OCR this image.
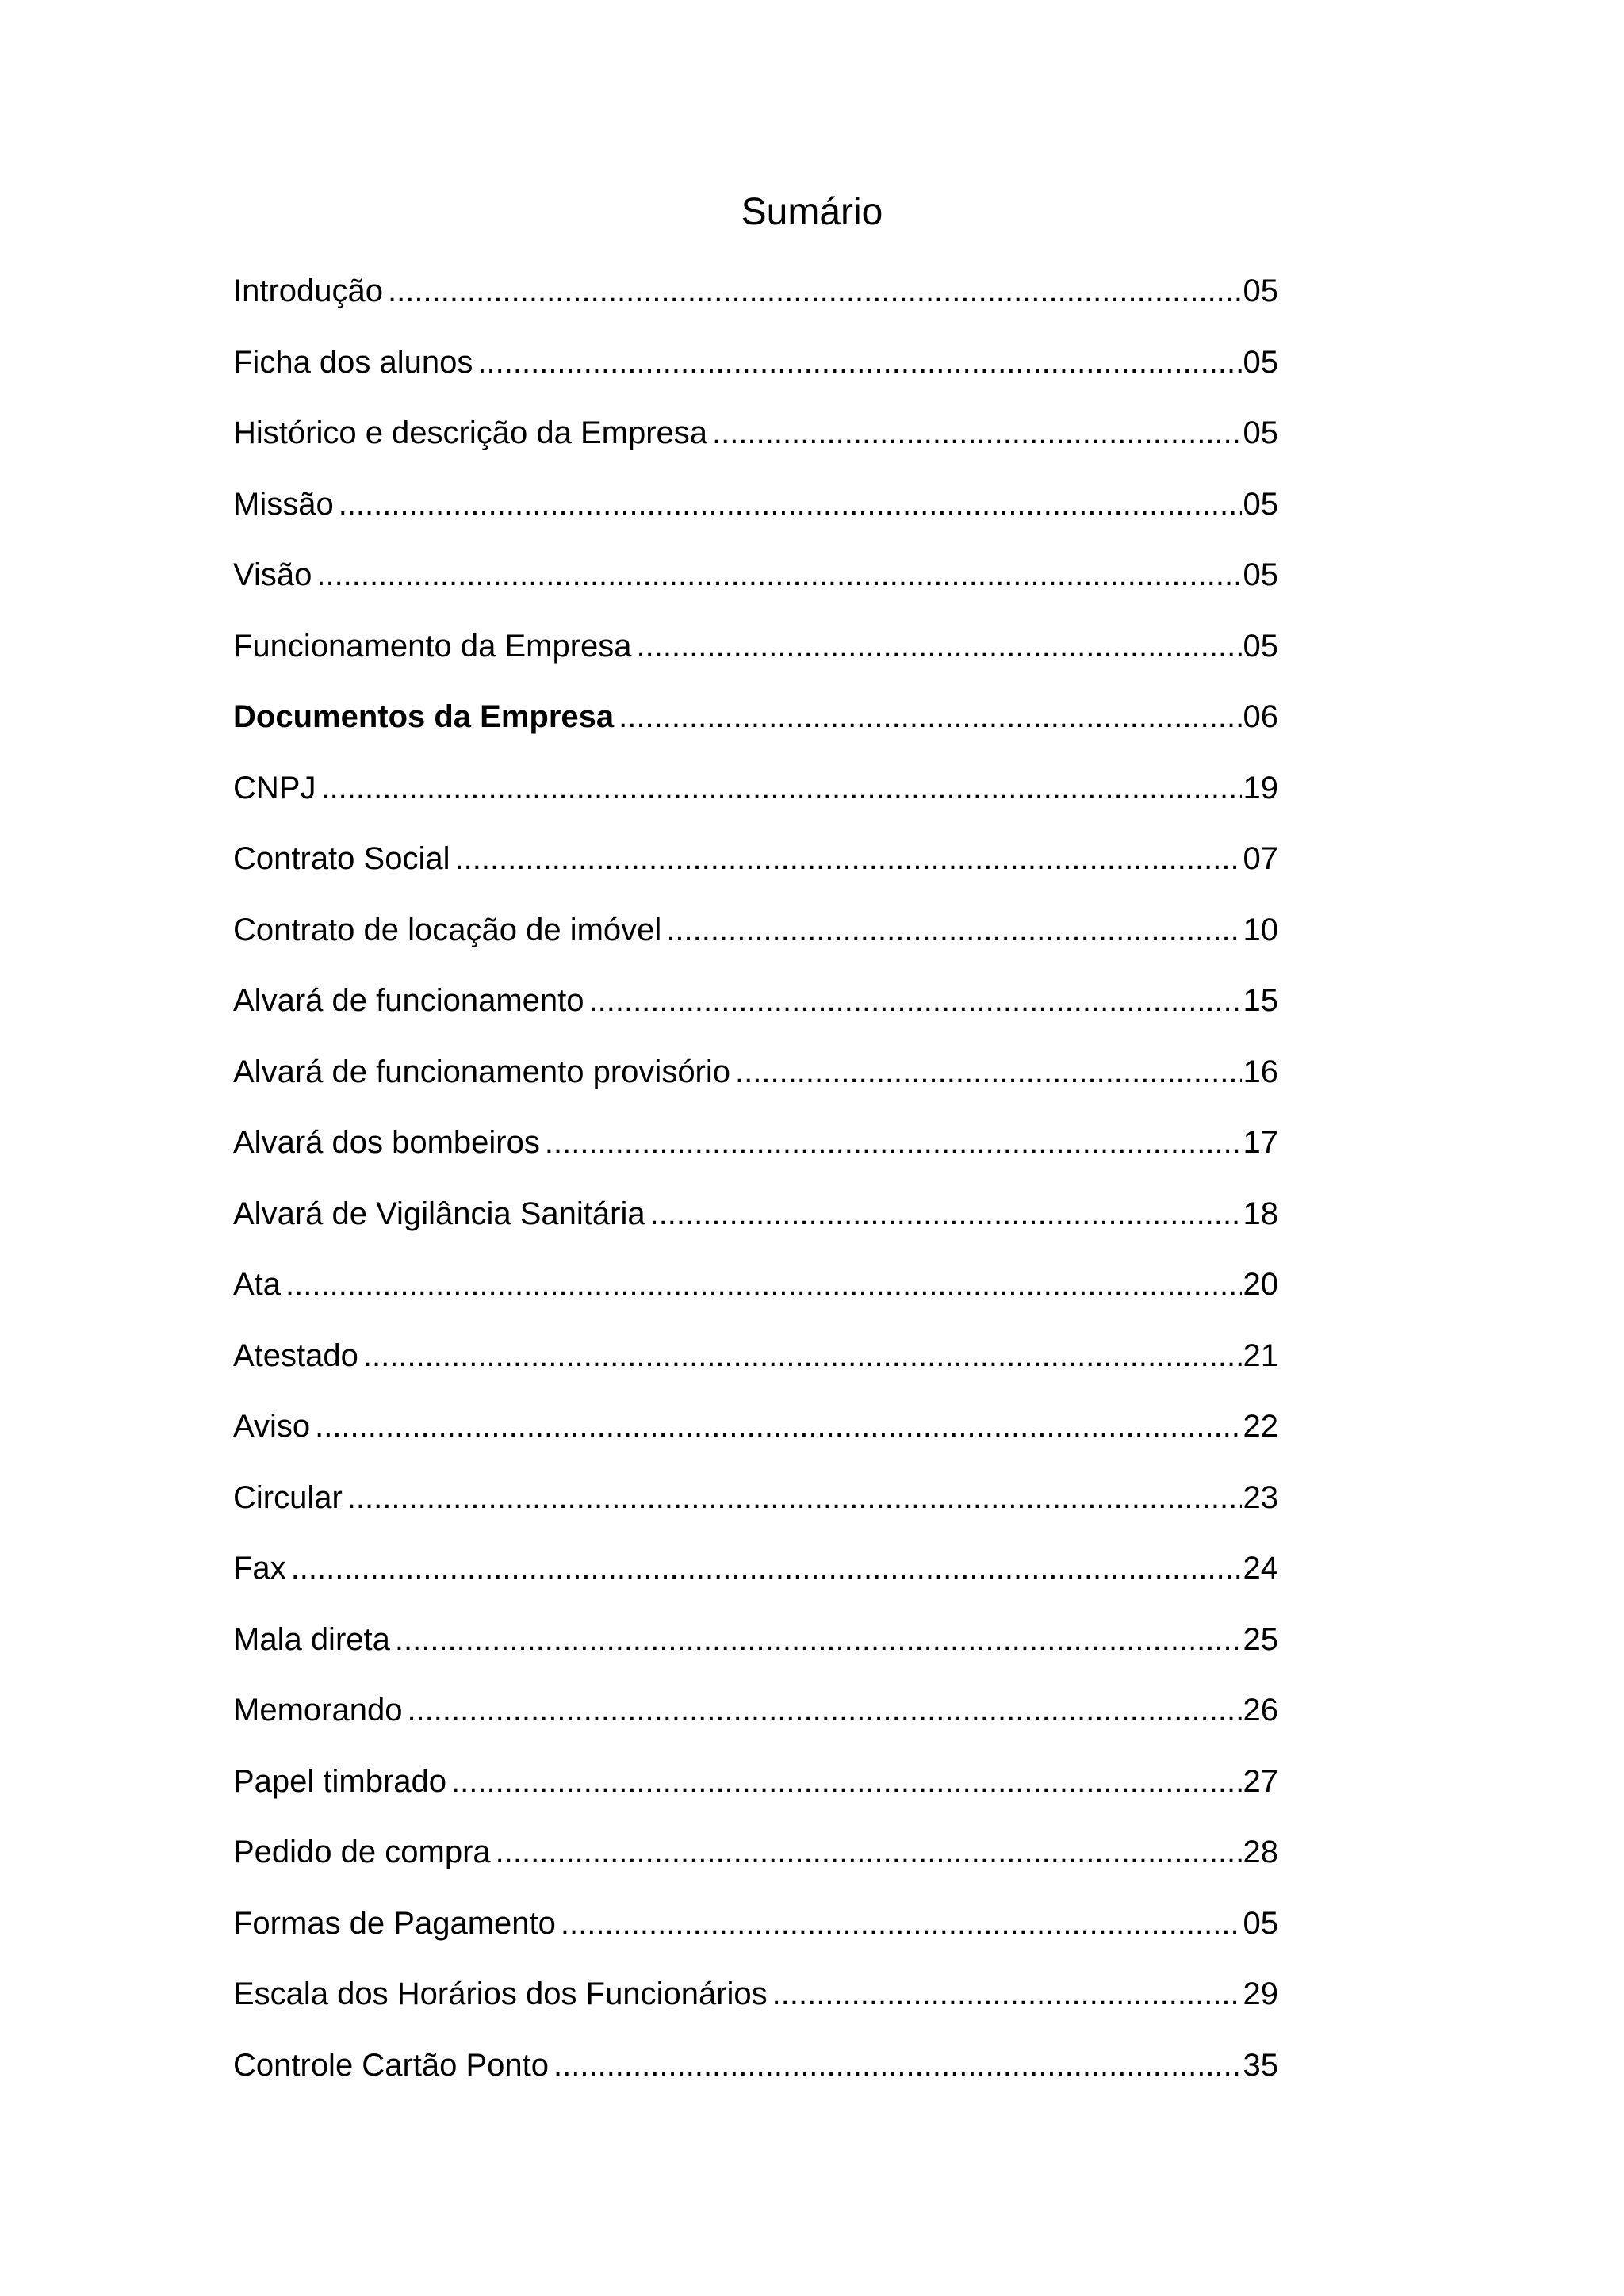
Sumário
Introdução .....	05
Ficha dos alunos .....	05
Histórico e descrição da Empresa .....	05
Missão .....	05
Visão .....	05
Funcionamento da Empresa .....	05
Documentos da Empresa .....	06
CNPJ .....	19
Contrato Social .....	07
Contrato de locação de imóvel .....	10
Alvará de funcionamento .....	15
Alvará de funcionamento provisório .....	16
Alvará dos bombeiros .....	17
Alvará de Vigilância Sanitária .....	18
Ata .....	20
Atestado .....	21
Aviso .....	22
Circular .....	23
Fax .....	24
Mala direta .....	25
Memorando .....	26
Papel timbrado .....	27
Pedido de compra .....	28
Formas de Pagamento .....	05
Escala dos Horários dos Funcionários .....	29
Controle Cartão Ponto .....	35
